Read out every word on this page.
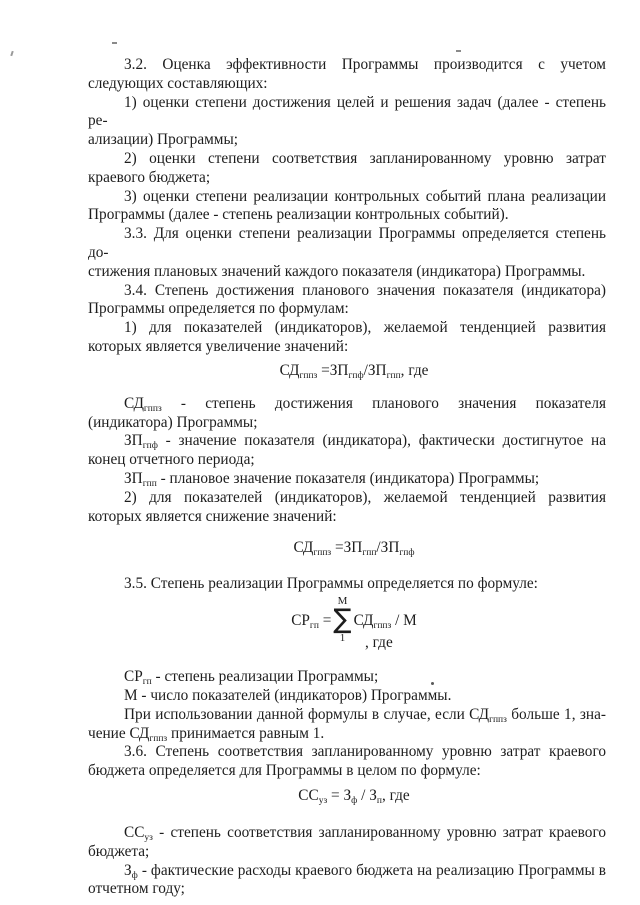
3.2. Оценка эффективности Программы производится с учетом
следующих составляющих:
1) оценки степени достижения целей и решения задач (далее - степень ре-
ализации) Программы;
2) оценки степени соответствия запланированному уровню затрат
краевого бюджета;
3) оценки степени реализации контрольных событий плана реализации
Программы (далее - степень реализации контрольных событий).
3.3. Для оценки степени реализации Программы определяется степень до-
стижения плановых значений каждого показателя (индикатора) Программы.
3.4. Степень достижения планового значения показателя (индикатора)
Программы определяется по формулам:
1) для показателей (индикаторов), желаемой тенденцией развития
которых является увеличение значений:
$СД_{гппз} =ЗП_{гпф}/ЗП_{гпп}$, где
$СД_{гппз}$ - степень достижения планового значения показателя
(индикатора) Программы;
$ЗП_{гпф}$ - значение показателя (индикатора), фактически достигнутое на
конец отчетного периода;
$ЗП_{гпп}$ - плановое значение показателя (индикатора) Программы;
2) для показателей (индикаторов), желаемой тенденцией развития
которых является снижение значений:
$СД_{гппз} =ЗП_{гпп}/ЗП_{гпф}$
3.5. Степень реализации Программы определяется по формуле:
$СР_{гп}$ =
М
∑
1
$СД_{гппз}$ / М
, где
$СР_{гп}$ - степень реализации Программы;
М - число показателей (индикаторов) Программы.
При использовании данной формулы в случае, если $СД_{гппз}$ больше 1, зна-
чение $СД_{гппз}$ принимается равным 1.
3.6. Степень соответствия запланированному уровню затрат краевого
бюджета определяется для Программы в целом по формуле:
$СС_{уз} = З_ф / З_п$, где
$СС_{уз}$ - степень соответствия запланированному уровню затрат краевого
бюджета;
$З_ф$ - фактические расходы краевого бюджета на реализацию Программы в
отчетном году;
